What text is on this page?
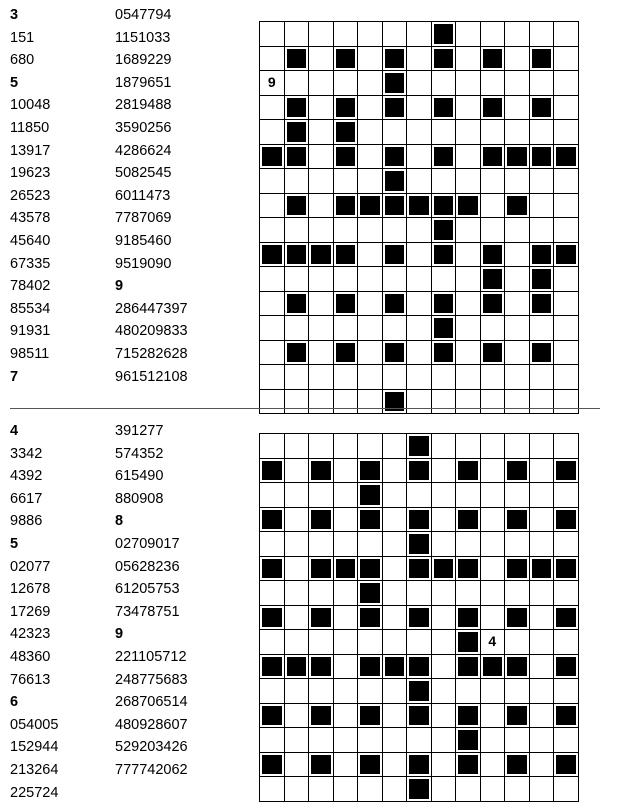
3
151
680
5
10048
11850
13917
19623
26523
43578
45640
67335
78402
85534
91931
98511
7
0547794
1151033
1689229
1879651
2819488
3590256
4286624
5082545
6011473
7787069
9185460
9519090
9
286447397
480209833
715282628
961512108
9
4
3342
4392
6617
9886
5
02077
12678
17269
42323
48360
76613
6
054005
152944
213264
225724
391277
574352
615490
880908
8
02709017
05628236
61205753
73478751
9
221105712
248775683
268706514
480928607
529203426
777742062
4
